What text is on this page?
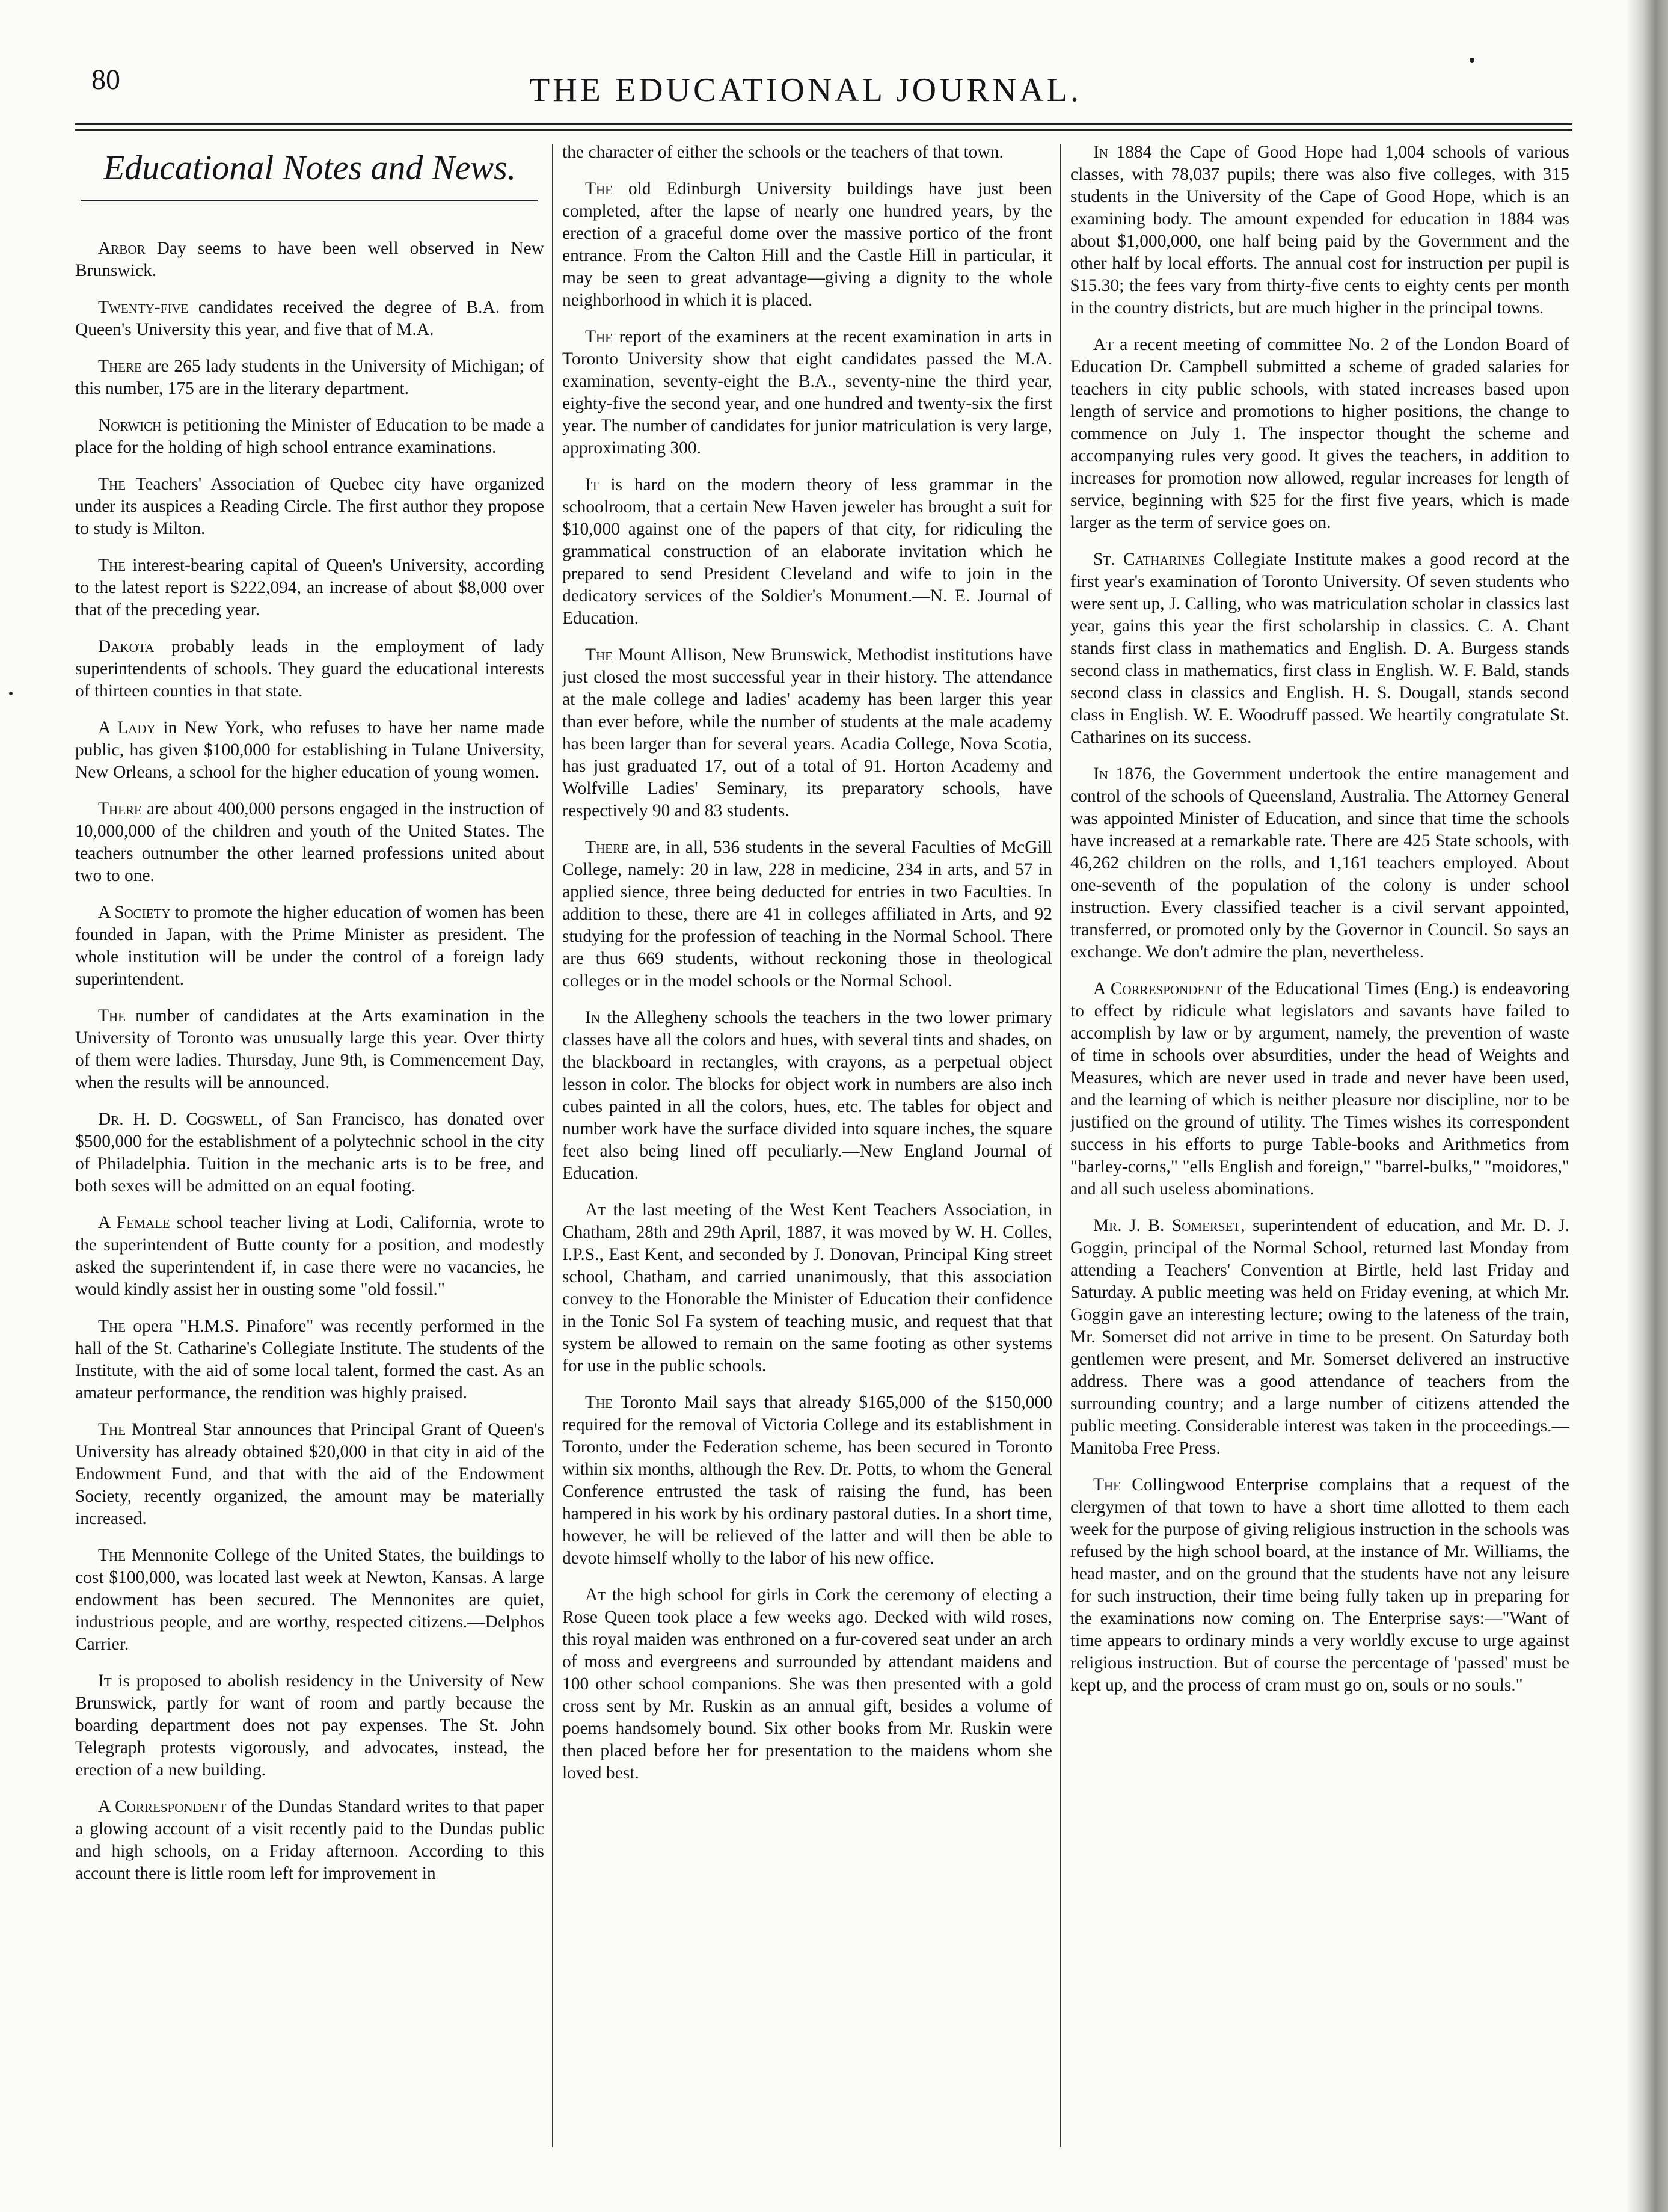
80	THE EDUCATIONAL JOURNAL.
Educational Notes and News.

Arbor Day seems to have been well observed in New Brunswick.

Twenty-five candidates received the degree of B.A. from Queen's University this year, and five that of M.A.

There are 265 lady students in the University of Michigan; of this number, 175 are in the literary department.

Norwich is petitioning the Minister of Education to be made a place for the holding of high school entrance examinations.

The Teachers' Association of Quebec city have organized under its auspices a Reading Circle. The first author they propose to study is Milton.

The interest-bearing capital of Queen's University, according to the latest report is $222,094, an increase of about $8,000 over that of the preceding year.

Dakota probably leads in the employment of lady superintendents of schools. They guard the educational interests of thirteen counties in that state.

A Lady in New York, who refuses to have her name made public, has given $100,000 for establishing in Tulane University, New Orleans, a school for the higher education of young women.

There are about 400,000 persons engaged in the instruction of 10,000,000 of the children and youth of the United States. The teachers outnumber the other learned professions united about two to one.

A Society to promote the higher education of women has been founded in Japan, with the Prime Minister as president. The whole institution will be under the control of a foreign lady superintendent.

The number of candidates at the Arts examination in the University of Toronto was unusually large this year. Over thirty of them were ladies. Thursday, June 9th, is Commencement Day, when the results will be announced.

Dr. H. D. Cogswell, of San Francisco, has donated over $500,000 for the establishment of a polytechnic school in the city of Philadelphia. Tuition in the mechanic arts is to be free, and both sexes will be admitted on an equal footing.

A Female school teacher living at Lodi, California, wrote to the superintendent of Butte county for a position, and modestly asked the superintendent if, in case there were no vacancies, he would kindly assist her in ousting some "old fossil."

The opera "H.M.S. Pinafore" was recently performed in the hall of the St. Catharine's Collegiate Institute. The students of the Institute, with the aid of some local talent, formed the cast. As an amateur performance, the rendition was highly praised.

The Montreal Star announces that Principal Grant of Queen's University has already obtained $20,000 in that city in aid of the Endowment Fund, and that with the aid of the Endowment Society, recently organized, the amount may be materially increased.

The Mennonite College of the United States, the buildings to cost $100,000, was located last week at Newton, Kansas. A large endowment has been secured. The Mennonites are quiet, industrious people, and are worthy, respected citizens.—Delphos Carrier.

It is proposed to abolish residency in the University of New Brunswick, partly for want of room and partly because the boarding department does not pay expenses. The St. John Telegraph protests vigorously, and advocates, instead, the erection of a new building.

A Correspondent of the Dundas Standard writes to that paper a glowing account of a visit recently paid to the Dundas public and high schools, on a Friday afternoon. According to this account there is little room left for improvement in

the character of either the schools or the teachers of that town.

The old Edinburgh University buildings have just been completed, after the lapse of nearly one hundred years, by the erection of a graceful dome over the massive portico of the front entrance. From the Calton Hill and the Castle Hill in particular, it may be seen to great advantage—giving a dignity to the whole neighborhood in which it is placed.

The report of the examiners at the recent examination in arts in Toronto University show that eight candidates passed the M.A. examination, seventy-eight the B.A., seventy-nine the third year, eighty-five the second year, and one hundred and twenty-six the first year. The number of candidates for junior matriculation is very large, approximating 300.

It is hard on the modern theory of less grammar in the schoolroom, that a certain New Haven jeweler has brought a suit for $10,000 against one of the papers of that city, for ridiculing the grammatical construction of an elaborate invitation which he prepared to send President Cleveland and wife to join in the dedicatory services of the Soldier's Monument.—N. E. Journal of Education.

The Mount Allison, New Brunswick, Methodist institutions have just closed the most successful year in their history. The attendance at the male college and ladies' academy has been larger this year than ever before, while the number of students at the male academy has been larger than for several years. Acadia College, Nova Scotia, has just graduated 17, out of a total of 91. Horton Academy and Wolfville Ladies' Seminary, its preparatory schools, have respectively 90 and 83 students.

There are, in all, 536 students in the several Faculties of McGill College, namely: 20 in law, 228 in medicine, 234 in arts, and 57 in applied sience, three being deducted for entries in two Faculties. In addition to these, there are 41 in colleges affiliated in Arts, and 92 studying for the profession of teaching in the Normal School. There are thus 669 students, without reckoning those in theological colleges or in the model schools or the Normal School.

In the Allegheny schools the teachers in the two lower primary classes have all the colors and hues, with several tints and shades, on the blackboard in rectangles, with crayons, as a perpetual object lesson in color. The blocks for object work in numbers are also inch cubes painted in all the colors, hues, etc. The tables for object and number work have the surface divided into square inches, the square feet also being lined off peculiarly.—New England Journal of Education.

At the last meeting of the West Kent Teachers Association, in Chatham, 28th and 29th April, 1887, it was moved by W. H. Colles, I.P.S., East Kent, and seconded by J. Donovan, Principal King street school, Chatham, and carried unanimously, that this association convey to the Honorable the Minister of Education their confidence in the Tonic Sol Fa system of teaching music, and request that that system be allowed to remain on the same footing as other systems for use in the public schools.

The Toronto Mail says that already $165,000 of the $150,000 required for the removal of Victoria College and its establishment in Toronto, under the Federation scheme, has been secured in Toronto within six months, although the Rev. Dr. Potts, to whom the General Conference entrusted the task of raising the fund, has been hampered in his work by his ordinary pastoral duties. In a short time, however, he will be relieved of the latter and will then be able to devote himself wholly to the labor of his new office.

At the high school for girls in Cork the ceremony of electing a Rose Queen took place a few weeks ago. Decked with wild roses, this royal maiden was enthroned on a fur-covered seat under an arch of moss and evergreens and surrounded by attendant maidens and 100 other school companions. She was then presented with a gold cross sent by Mr. Ruskin as an annual gift, besides a volume of poems handsomely bound. Six other books from Mr. Ruskin were then placed before her for presentation to the maidens whom she loved best.

In 1884 the Cape of Good Hope had 1,004 schools of various classes, with 78,037 pupils; there was also five colleges, with 315 students in the University of the Cape of Good Hope, which is an examining body. The amount expended for education in 1884 was about $1,000,000, one half being paid by the Government and the other half by local efforts. The annual cost for instruction per pupil is $15.30; the fees vary from thirty-five cents to eighty cents per month in the country districts, but are much higher in the principal towns.

At a recent meeting of committee No. 2 of the London Board of Education Dr. Campbell submitted a scheme of graded salaries for teachers in city public schools, with stated increases based upon length of service and promotions to higher positions, the change to commence on July 1. The inspector thought the scheme and accompanying rules very good. It gives the teachers, in addition to increases for promotion now allowed, regular increases for length of service, beginning with $25 for the first five years, which is made larger as the term of service goes on.

St. Catharines Collegiate Institute makes a good record at the first year's examination of Toronto University. Of seven students who were sent up, J. Calling, who was matriculation scholar in classics last year, gains this year the first scholarship in classics. C. A. Chant stands first class in mathematics and English. D. A. Burgess stands second class in mathematics, first class in English. W. F. Bald, stands second class in classics and English. H. S. Dougall, stands second class in English. W. E. Woodruff passed. We heartily congratulate St. Catharines on its success.

In 1876, the Government undertook the entire management and control of the schools of Queensland, Australia. The Attorney General was appointed Minister of Education, and since that time the schools have increased at a remarkable rate. There are 425 State schools, with 46,262 children on the rolls, and 1,161 teachers employed. About one-seventh of the population of the colony is under school instruction. Every classified teacher is a civil servant appointed, transferred, or promoted only by the Governor in Council. So says an exchange. We don't admire the plan, nevertheless.

A Correspondent of the Educational Times (Eng.) is endeavoring to effect by ridicule what legislators and savants have failed to accomplish by law or by argument, namely, the prevention of waste of time in schools over absurdities, under the head of Weights and Measures, which are never used in trade and never have been used, and the learning of which is neither pleasure nor discipline, nor to be justified on the ground of utility. The Times wishes its correspondent success in his efforts to purge Table-books and Arithmetics from "barley-corns," "ells English and foreign," "barrel-bulks," "moidores," and all such useless abominations.

Mr. J. B. Somerset, superintendent of education, and Mr. D. J. Goggin, principal of the Normal School, returned last Monday from attending a Teachers' Convention at Birtle, held last Friday and Saturday. A public meeting was held on Friday evening, at which Mr. Goggin gave an interesting lecture; owing to the lateness of the train, Mr. Somerset did not arrive in time to be present. On Saturday both gentlemen were present, and Mr. Somerset delivered an instructive address. There was a good attendance of teachers from the surrounding country; and a large number of citizens attended the public meeting. Considerable interest was taken in the proceedings.—Manitoba Free Press.

The Collingwood Enterprise complains that a request of the clergymen of that town to have a short time allotted to them each week for the purpose of giving religious instruction in the schools was refused by the high school board, at the instance of Mr. Williams, the head master, and on the ground that the students have not any leisure for such instruction, their time being fully taken up in preparing for the examinations now coming on. The Enterprise says:—"Want of time appears to ordinary minds a very worldly excuse to urge against religious instruction. But of course the percentage of 'passed' must be kept up, and the process of cram must go on, souls or no souls."
